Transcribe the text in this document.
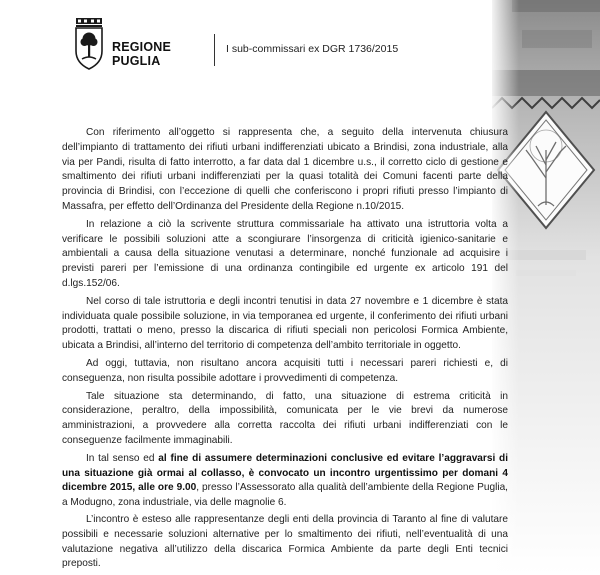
REGIONE
PUGLIA
I sub-commissari ex DGR 1736/2015

Con riferimento all’oggetto si rappresenta che, a seguito della intervenuta chiusura dell’impianto di trattamento dei rifiuti urbani indifferenziati ubicato a Brindisi, zona industriale, alla via per Pandi, risulta di fatto interrotto, a far data dal 1 dicembre u.s., il corretto ciclo di gestione e smaltimento dei rifiuti urbani indifferenziati per la quasi totalità dei Comuni facenti parte della provincia di Brindisi, con l’eccezione di quelli che conferiscono i propri rifiuti presso l’impianto di Massafra, per effetto dell’Ordinanza del Presidente della Regione n.10/2015.

In relazione a ciò la scrivente struttura commissariale ha attivato una istruttoria volta a verificare le possibili soluzioni atte a scongiurare l’insorgenza di criticità igienico-sanitarie e ambientali a causa della situazione venutasi a determinare, nonché funzionale ad acquisire i previsti pareri per l’emissione di una ordinanza contingibile ed urgente ex articolo 191 del d.lgs.152/06.

Nel corso di tale istruttoria e degli incontri tenutisi in data 27 novembre e 1 dicembre è stata individuata quale possibile soluzione, in via temporanea ed urgente, il conferimento dei rifiuti urbani prodotti, trattati o meno, presso la discarica di rifiuti speciali non pericolosi Formica Ambiente, ubicata a Brindisi, all’interno del territorio di competenza dell’ambito territoriale in oggetto.

Ad oggi, tuttavia, non risultano ancora acquisiti tutti i necessari pareri richiesti e, di conseguenza, non risulta possibile adottare i provvedimenti di competenza.

Tale situazione sta determinando, di fatto, una situazione di estrema criticità in considerazione, peraltro, della impossibilità, comunicata per le vie brevi da numerose amministrazioni, a provvedere alla corretta raccolta dei rifiuti urbani indifferenziati con le conseguenze facilmente immaginabili.

In tal senso ed al fine di assumere determinazioni conclusive ed evitare l’aggravarsi di una situazione già ormai al collasso, è convocato un incontro urgentissimo per domani 4 dicembre 2015, alle ore 9.00, presso l’Assessorato alla qualità dell’ambiente della Regione Puglia, a Modugno, zona industriale, via delle magnolie 6.

L’incontro è esteso alle rappresentanze degli enti della provincia di Taranto al fine di valutare possibili e necessarie soluzioni alternative per lo smaltimento dei rifiuti, nell’eventualità di una valutazione negativa all’utilizzo della discarica Formica Ambiente da parte degli Enti tecnici preposti.
